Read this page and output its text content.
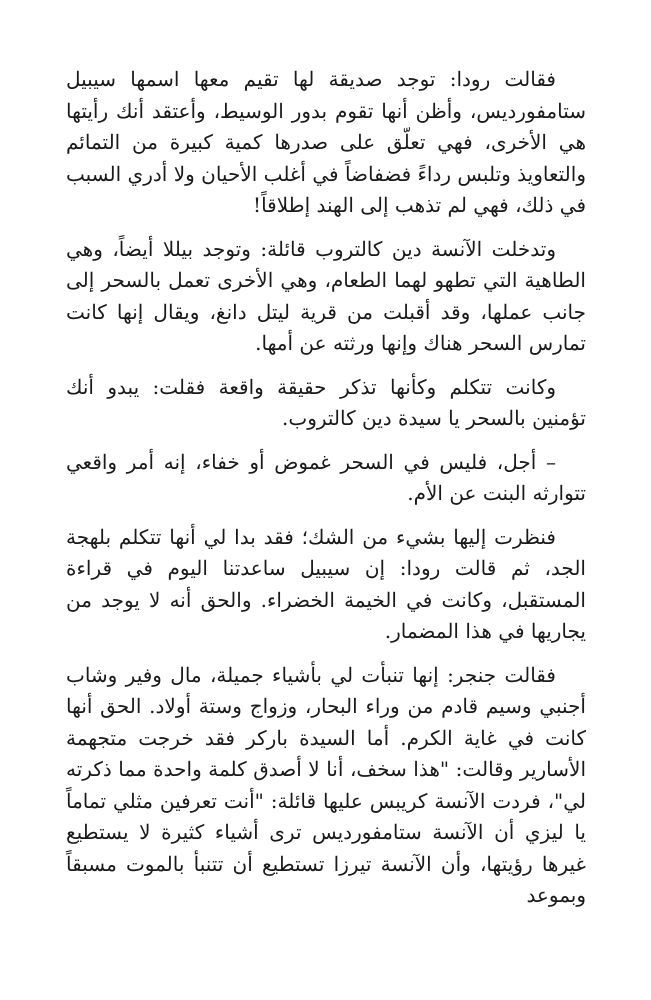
فقالت رودا: توجد صديقة لها تقيم معها اسمها سيبيل ستامفورديس، وأظن أنها تقوم بدور الوسيط، وأعتقد أنك رأيتها هي الأخرى، فهي تعلّق على صدرها كمية كبيرة من التمائم والتعاويذ وتلبس رداءً فضفاضاً في أغلب الأحيان ولا أدري السبب في ذلك، فهي لم تذهب إلى الهند إطلاقاً!

وتدخلت الآنسة دين كالتروب قائلة: وتوجد بيللا أيضاً، وهي الطاهية التي تطهو لهما الطعام، وهي الأخرى تعمل بالسحر إلى جانب عملها، وقد أقبلت من قرية ليتل دانغ، ويقال إنها كانت تمارس السحر هناك وإنها ورثته عن أمها.

وكانت تتكلم وكأنها تذكر حقيقة واقعة فقلت: يبدو أنك تؤمنين بالسحر يا سيدة دين كالتروب.

– أجل، فليس في السحر غموض أو خفاء، إنه أمر واقعي تتوارثه البنت عن الأم.

فنظرت إليها بشيء من الشك؛ فقد بدا لي أنها تتكلم بلهجة الجد، ثم قالت رودا: إن سيبيل ساعدتنا اليوم في قراءة المستقبل، وكانت في الخيمة الخضراء. والحق أنه لا يوجد من يجاريها في هذا المضمار.

فقالت جنجر: إنها تنبأت لي بأشياء جميلة، مال وفير وشاب أجنبي وسيم قادم من وراء البحار، وزواج وستة أولاد. الحق أنها كانت في غاية الكرم. أما السيدة باركر فقد خرجت متجهمة الأسارير وقالت: "هذا سخف، أنا لا أصدق كلمة واحدة مما ذكرته لي"، فردت الآنسة كريبس عليها قائلة: "أنت تعرفين مثلي تماماً يا ليزي أن الآنسة ستامفورديس ترى أشياء كثيرة لا يستطيع غيرها رؤيتها، وأن الآنسة تيرزا تستطيع أن تتنبأ بالموت مسبقاً وبموعد
